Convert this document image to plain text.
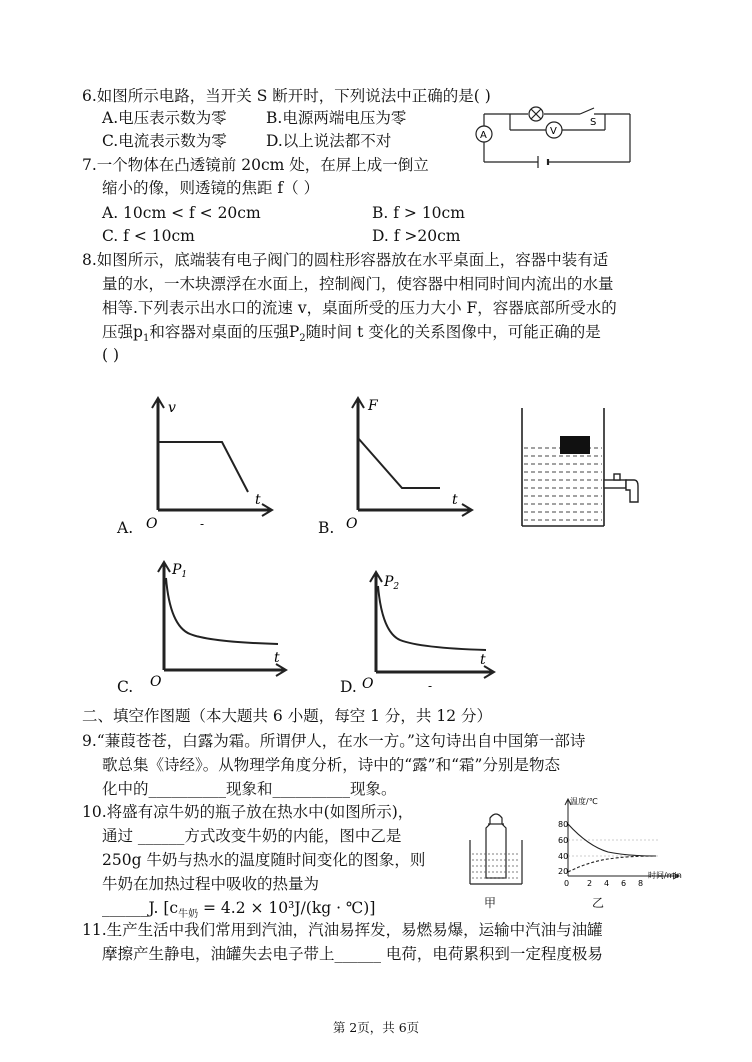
6.如图所示电路，当开关 S 断开时，下列说法中正确的是( )
A.电压表示数为零	B.电源两端电压为零
C.电流表示数为零	D.以上说法都不对	A	V
S
7.一个物体在凸透镜前 20cm 处，在屏上成一倒立
缩小的像，则透镜的焦距 f（ ）
A. 10cm < f < 20cm	B. f > 10cm
C. f < 10cm	D. f >20cm
8.如图所示，底端装有电子阀门的圆柱形容器放在水平桌面上，容器中装有适
量的水，一木块漂浮在水面上，控制阀门，使容器中相同时间内流出的水量
相等.下列表示出水口的流速 v，桌面所受的压力大小 F，容器底部所受水的
压强$p_1$和容器对桌面的压强$P_2$随时间 t 变化的关系图像中，可能正确的是
( )
v
t
O	-
A.
F
t
O
B.
$P_1$
t
O
C.
$P_2$
t
O	-
D.
二、填空作图题（本大题共 6 小题，每空 1 分，共 12 分）
9.“蒹葭苍苍，白露为霜。所谓伊人，在水一方。”这句诗出自中国第一部诗
歌总集《诗经》。从物理学角度分析，诗中的“露”和“霜”分别是物态
化中的__________现象和__________现象。
10.将盛有凉牛奶的瓶子放在热水中(如图所示)，
通过 ______方式改变牛奶的内能，图中乙是
250g 牛奶与热水的温度随时间变化的图象，则
牛奶在加热过程中吸收的热量为
______J. [$c_{牛奶} = 4.2 \times 10^3J/(kg$ · ℃)]	甲
温度/℃
时间/min
80
60
40
20
0 2 4 6 8
乙
11.生产生活中我们常用到汽油，汽油易挥发，易燃易爆，运输中汽油与油罐
摩擦产生静电，油罐失去电子带上______ 电荷，电荷累积到一定程度极易
第 2页，共 6页
